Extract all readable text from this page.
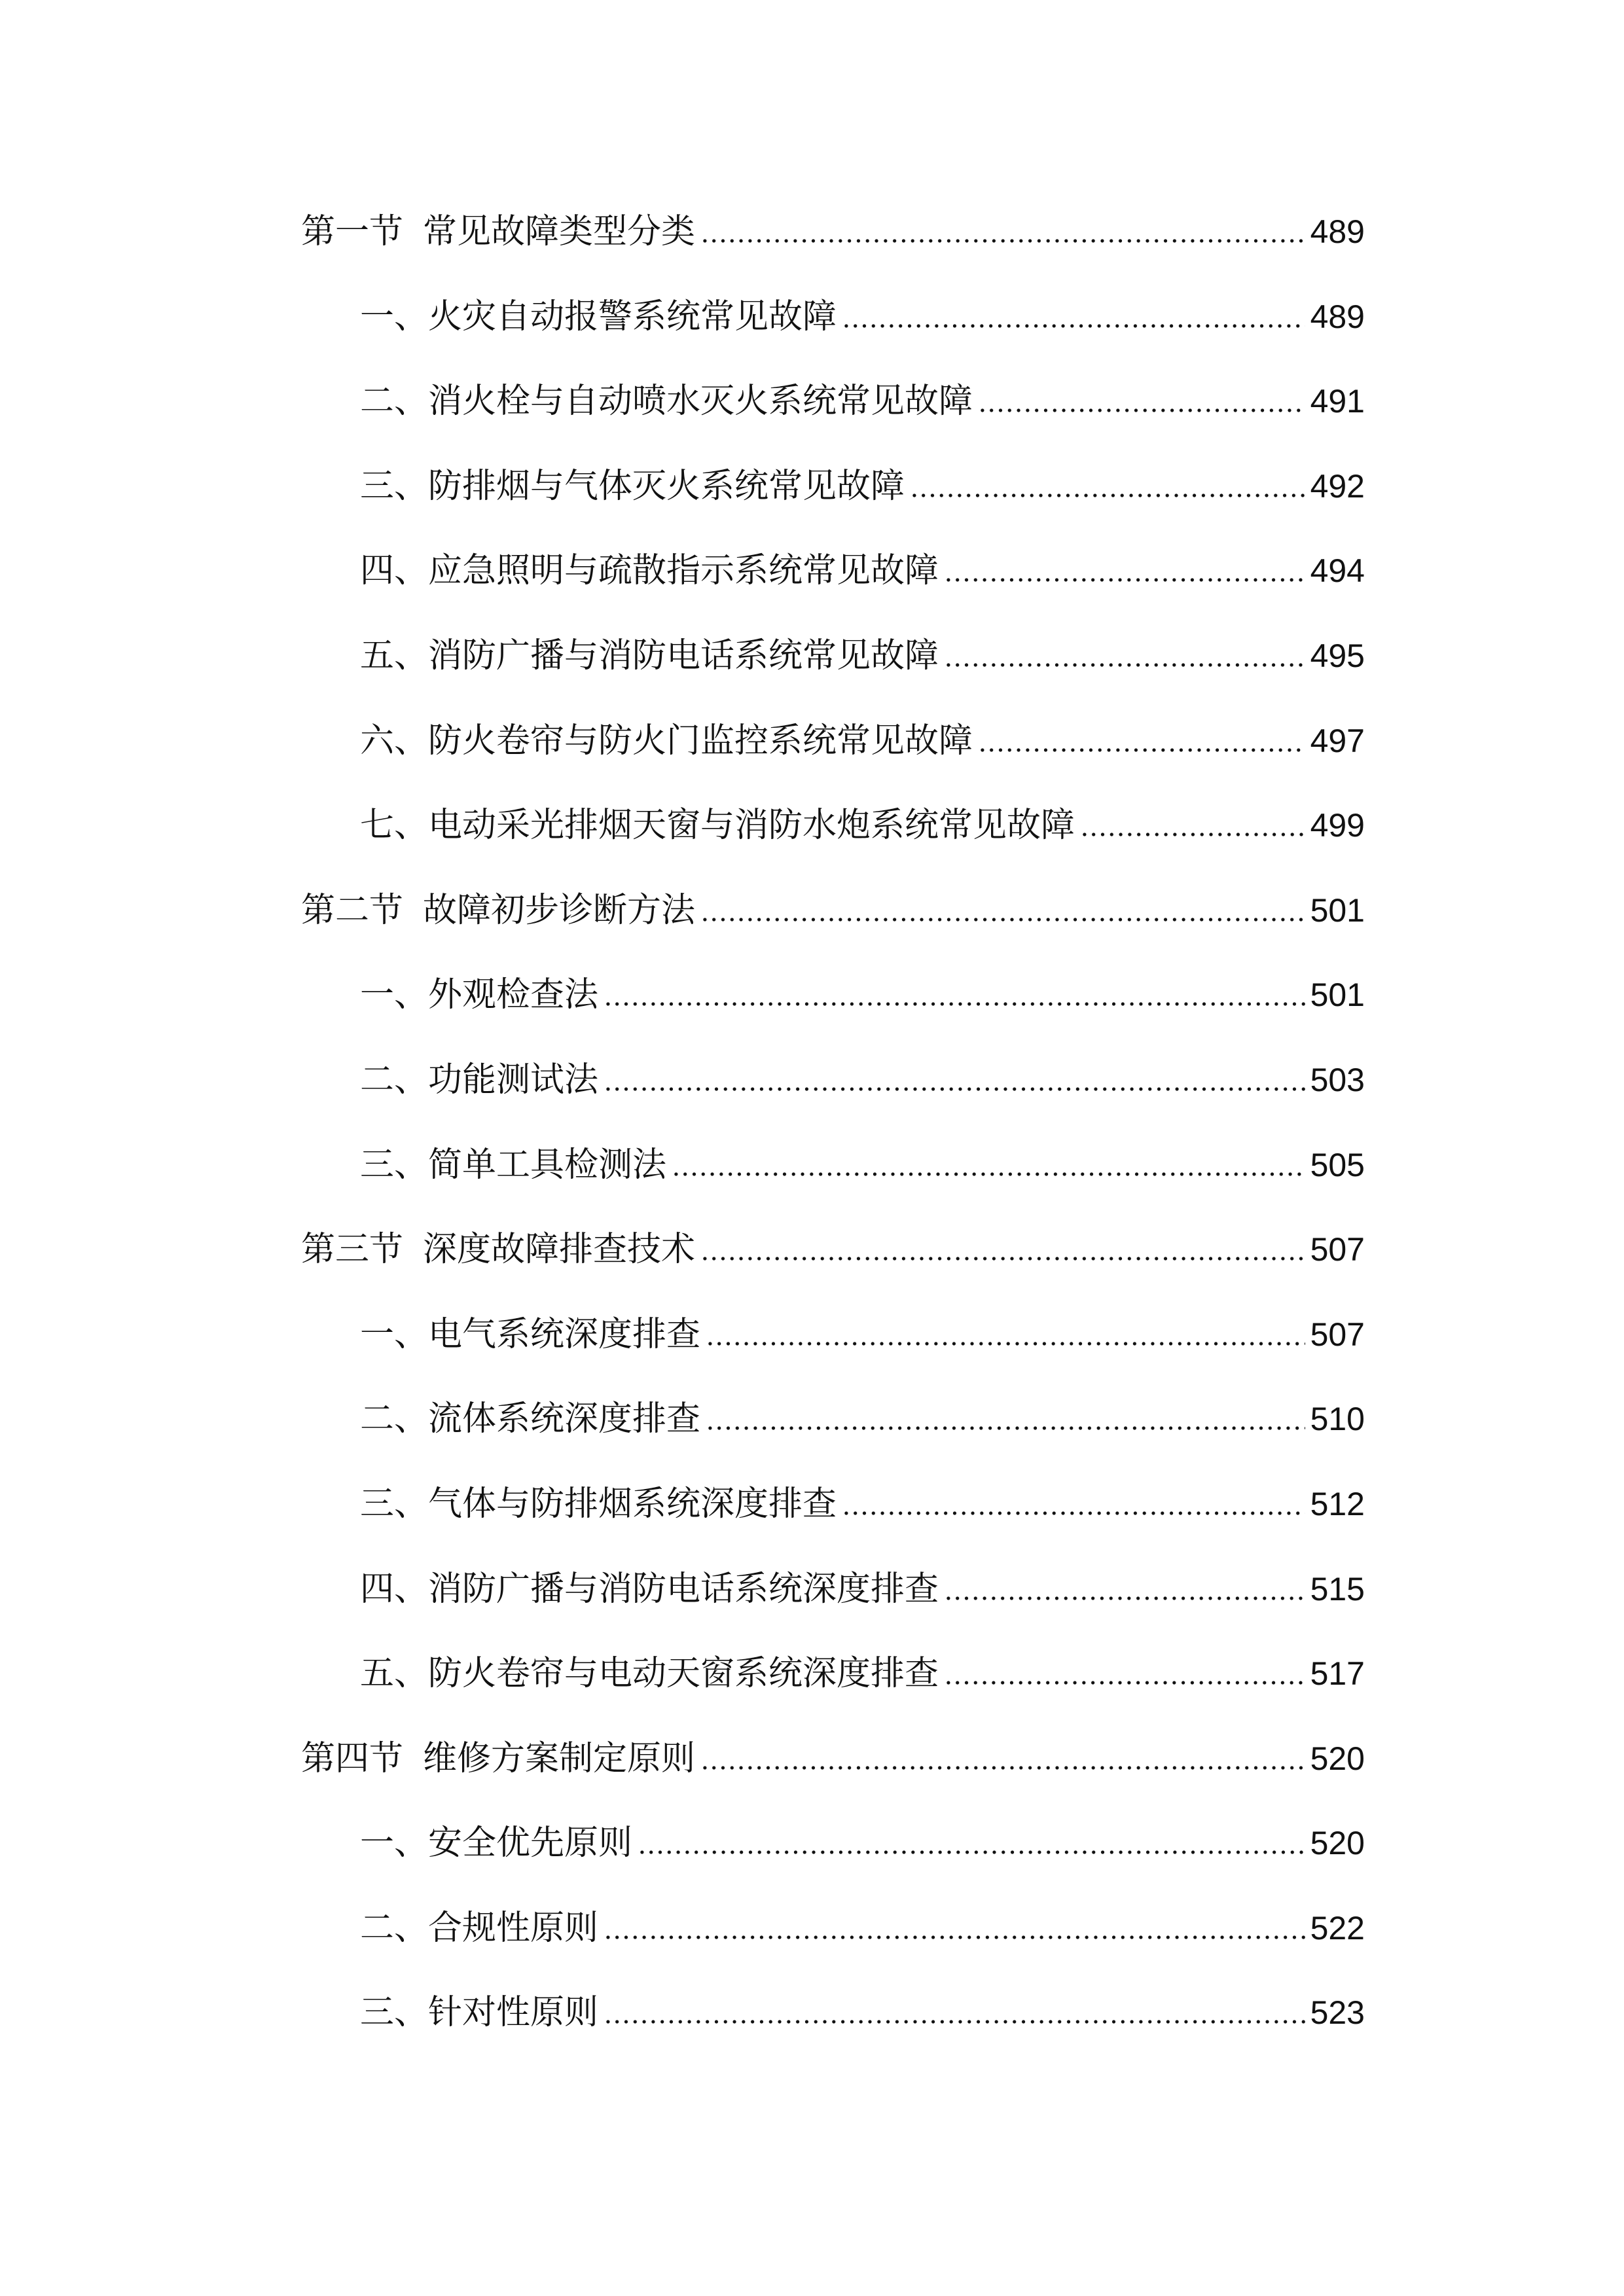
第一节 常见故障类型分类	489
一、 火灾自动报警系统常见故障	489
二、 消火栓与自动喷水灭火系统常见故障	491
三、 防排烟与气体灭火系统常见故障	492
四、 应急照明与疏散指示系统常见故障	494
五、 消防广播与消防电话系统常见故障	495
六、 防火卷帘与防火门监控系统常见故障	497
七、 电动采光排烟天窗与消防水炮系统常见故障	499
第二节 故障初步诊断方法	501
一、 外观检查法	501
二、 功能测试法	503
三、 简单工具检测法	505
第三节 深度故障排查技术	507
一、 电气系统深度排查	507
二、 流体系统深度排查	510
三、 气体与防排烟系统深度排查	512
四、 消防广播与消防电话系统深度排查	515
五、 防火卷帘与电动天窗系统深度排查	517
第四节 维修方案制定原则	520
一、 安全优先原则	520
二、 合规性原则	522
三、 针对性原则	523
